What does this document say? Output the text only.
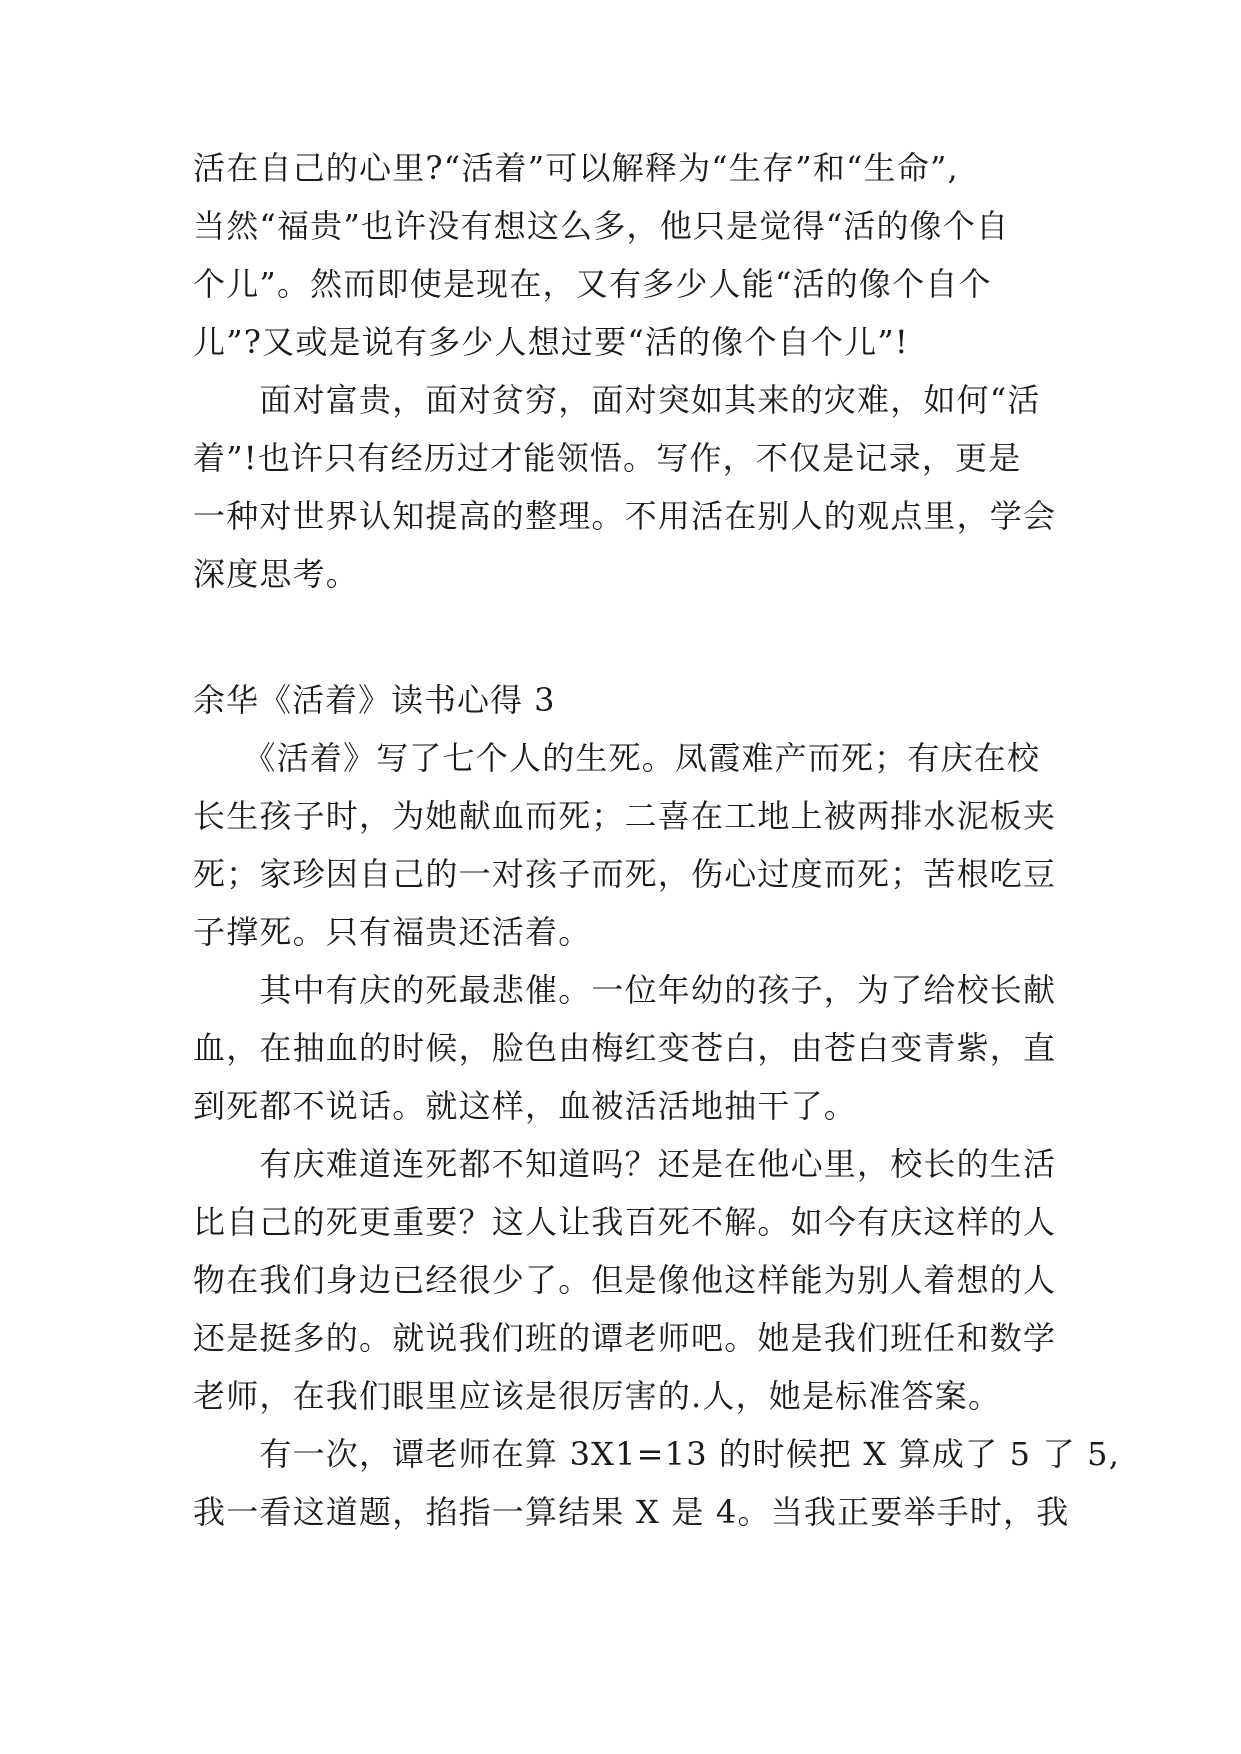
活在自己的心里?“活着”可以解释为“生存”和“生命”,
当然“福贵”也许没有想这么多，他只是觉得“活的像个自
个儿”。然而即使是现在，又有多少人能“活的像个自个
儿”?又或是说有多少人想过要“活的像个自个儿”!
　　面对富贵，面对贫穷，面对突如其来的灾难，如何“活
着”!也许只有经历过才能领悟。写作，不仅是记录，更是
一种对世界认知提高的整理。不用活在别人的观点里，学会
深度思考。
余华《活着》读书心得 3
　　《活着》写了七个人的生死。凤霞难产而死；有庆在校
长生孩子时，为她献血而死；二喜在工地上被两排水泥板夹
死；家珍因自己的一对孩子而死，伤心过度而死；苦根吃豆
子撑死。只有福贵还活着。
　　其中有庆的死最悲催。一位年幼的孩子，为了给校长献
血，在抽血的时候，脸色由梅红变苍白，由苍白变青紫，直
到死都不说话。就这样，血被活活地抽干了。
　　有庆难道连死都不知道吗？还是在他心里，校长的生活
比自己的死更重要？这人让我百死不解。如今有庆这样的人
物在我们身边已经很少了。但是像他这样能为别人着想的人
还是挺多的。就说我们班的谭老师吧。她是我们班任和数学
老师，在我们眼里应该是很厉害的.人，她是标准答案。
　　有一次，谭老师在算 3X1=13 的时候把 X 算成了 5 了 5,
我一看这道题，掐指一算结果 X 是 4。当我正要举手时，我
